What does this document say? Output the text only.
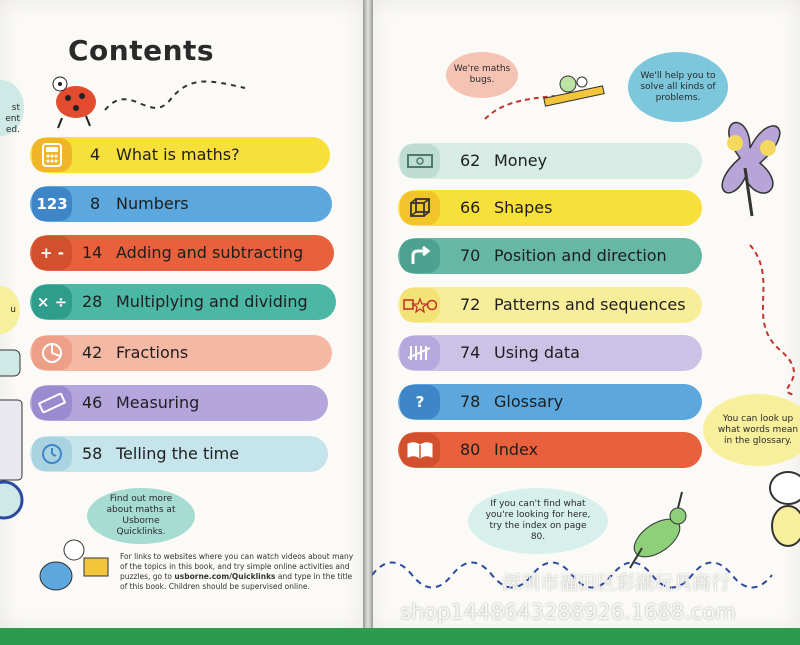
Contents
st
ent
ed.
u
4 What is maths?
123 8 Numbers
+ -	14 Adding and subtracting
× ÷ 28 Multiplying and dividing
42 Fractions
46 Measuring
58 Telling the time
62 Money
66 Shapes
70 Position and direction
72 Patterns and sequences
74 Using data
?	78 Glossary
80 Index
We're maths bugs.	We'll help you to solve all kinds of problems.
Find out more about maths at Usborne Quicklinks.
You can look up what words mean in the glossary.
If you can't find what you're looking for here, try the index on page 80.
For links to websites where you can watch videos about many of the topics in this book, and try simple online activities and puzzles, go to usborne.com/Quicklinks and type in the title of this book. Children should be supervised online.	深圳市福田区彩湖玩具商行
shop1448643288926.1688.com
